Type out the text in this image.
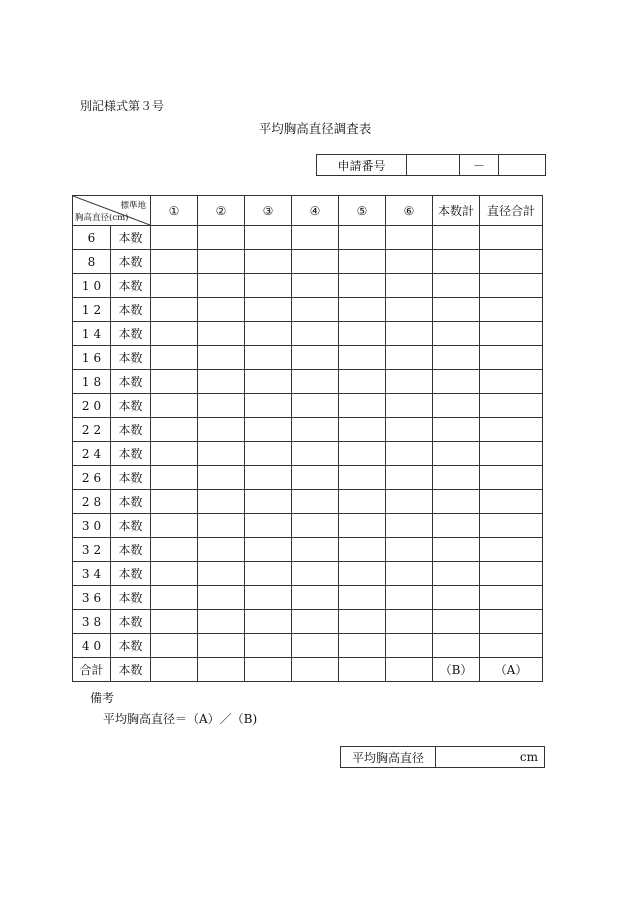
別記様式第３号
平均胸高直径調査表
申請番号		－	
標準地
胸高直径(cm)		①	②	③	④	⑤	⑥	本数計	直径合計
6	本数								
8	本数								
10	本数								
12	本数								
14	本数								
16	本数								
18	本数								
20	本数								
22	本数								
24	本数								
26	本数								
28	本数								
30	本数								
32	本数								
34	本数								
36	本数								
38	本数								
40	本数								
合計	本数							（B）	（A）
備考
平均胸高直径＝（A）／（B)
平均胸高直径	cm
